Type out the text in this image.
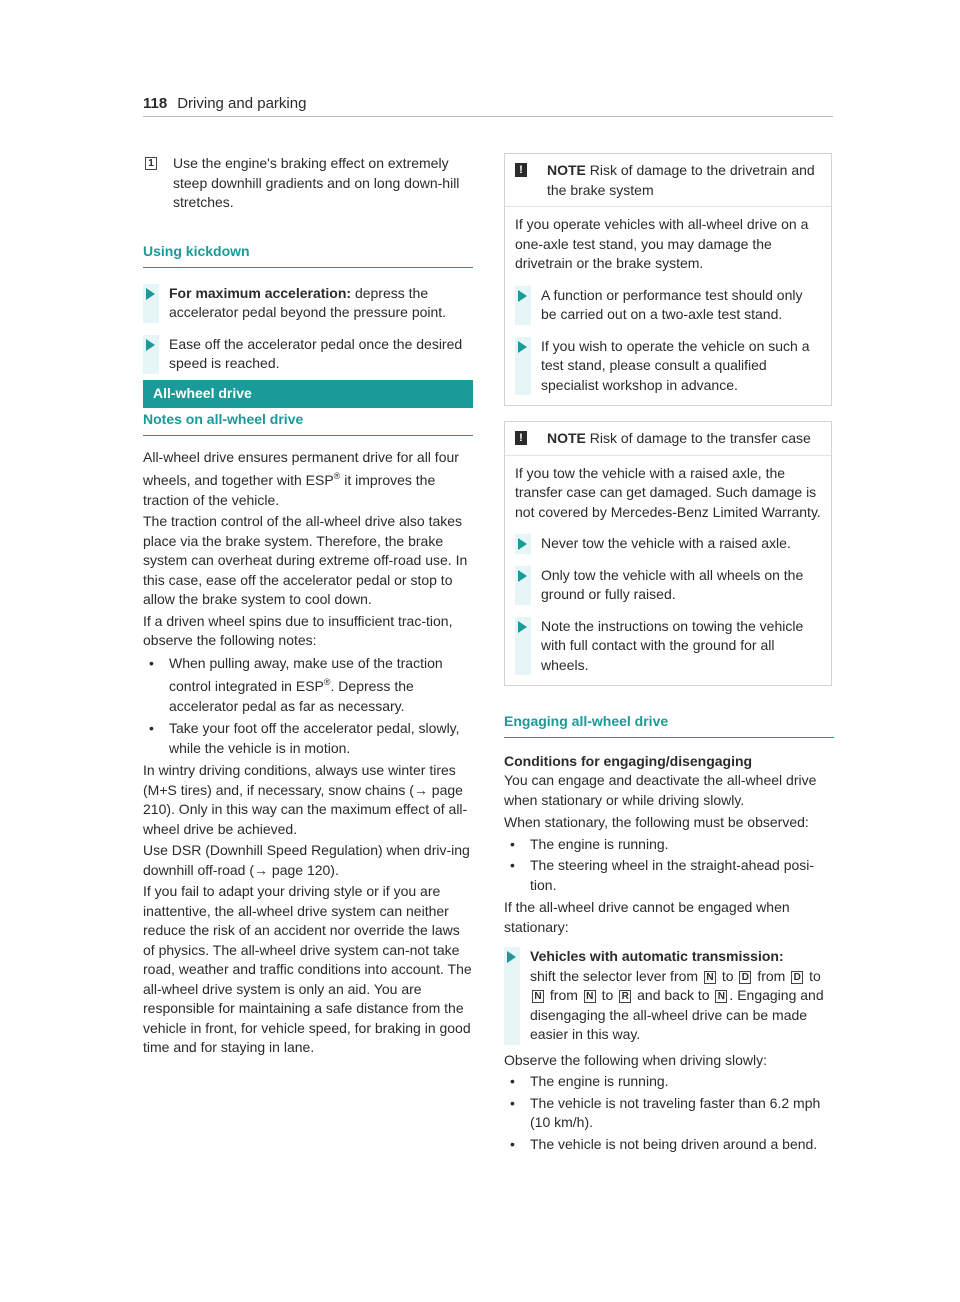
118 Driving and parking
1 Use the engine's braking effect on extremely steep downhill gradients and on long down-hill stretches.
Using kickdown
For maximum acceleration: depress the accelerator pedal beyond the pressure point.
Ease off the accelerator pedal once the desired speed is reached.
All-wheel drive
Notes on all-wheel drive
All-wheel drive ensures permanent drive for all four wheels, and together with ESP® it improves the traction of the vehicle.
The traction control of the all-wheel drive also takes place via the brake system. Therefore, the brake system can overheat during extreme off-road use. In this case, ease off the accelerator pedal or stop to allow the brake system to cool down.
If a driven wheel spins due to insufficient trac-tion, observe the following notes:
• When pulling away, make use of the traction control integrated in ESP®. Depress the accelerator pedal as far as necessary.
• Take your foot off the accelerator pedal, slowly, while the vehicle is in motion.
In wintry driving conditions, always use winter tires (M+S tires) and, if necessary, snow chains (→ page 210). Only in this way can the maximum effect of all-wheel drive be achieved.
Use DSR (Downhill Speed Regulation) when driv-ing downhill off-road (→ page 120).
If you fail to adapt your driving style or if you are inattentive, the all-wheel drive system can neither reduce the risk of an accident nor override the laws of physics. The all-wheel drive system can-not take road, weather and traffic conditions into account. The all-wheel drive system is only an aid. You are responsible for maintaining a safe distance from the vehicle in front, for vehicle speed, for braking in good time and for staying in lane.
! NOTE Risk of damage to the drivetrain and the brake system
If you operate vehicles with all-wheel drive on a one-axle test stand, you may damage the drivetrain or the brake system.
A function or performance test should only be carried out on a two-axle test stand.
If you wish to operate the vehicle on such a test stand, please consult a qualified specialist workshop in advance.
! NOTE Risk of damage to the transfer case
If you tow the vehicle with a raised axle, the transfer case can get damaged. Such damage is not covered by Mercedes-Benz Limited Warranty.
Never tow the vehicle with a raised axle.
Only tow the vehicle with all wheels on the ground or fully raised.
Note the instructions on towing the vehicle with full contact with the ground for all wheels.
Engaging all-wheel drive
Conditions for engaging/disengaging
You can engage and deactivate the all-wheel drive when stationary or while driving slowly.
When stationary, the following must be observed:
• The engine is running.
• The steering wheel in the straight-ahead posi-tion.
If the all-wheel drive cannot be engaged when stationary:
Vehicles with automatic transmission:
shift the selector lever from N to D from D to N from N to R and back to N . Engaging and disengaging the all-wheel drive can be made easier in this way.
Observe the following when driving slowly:
• The engine is running.
• The vehicle is not traveling faster than 6.2 mph (10 km/h).
• The vehicle is not being driven around a bend.
